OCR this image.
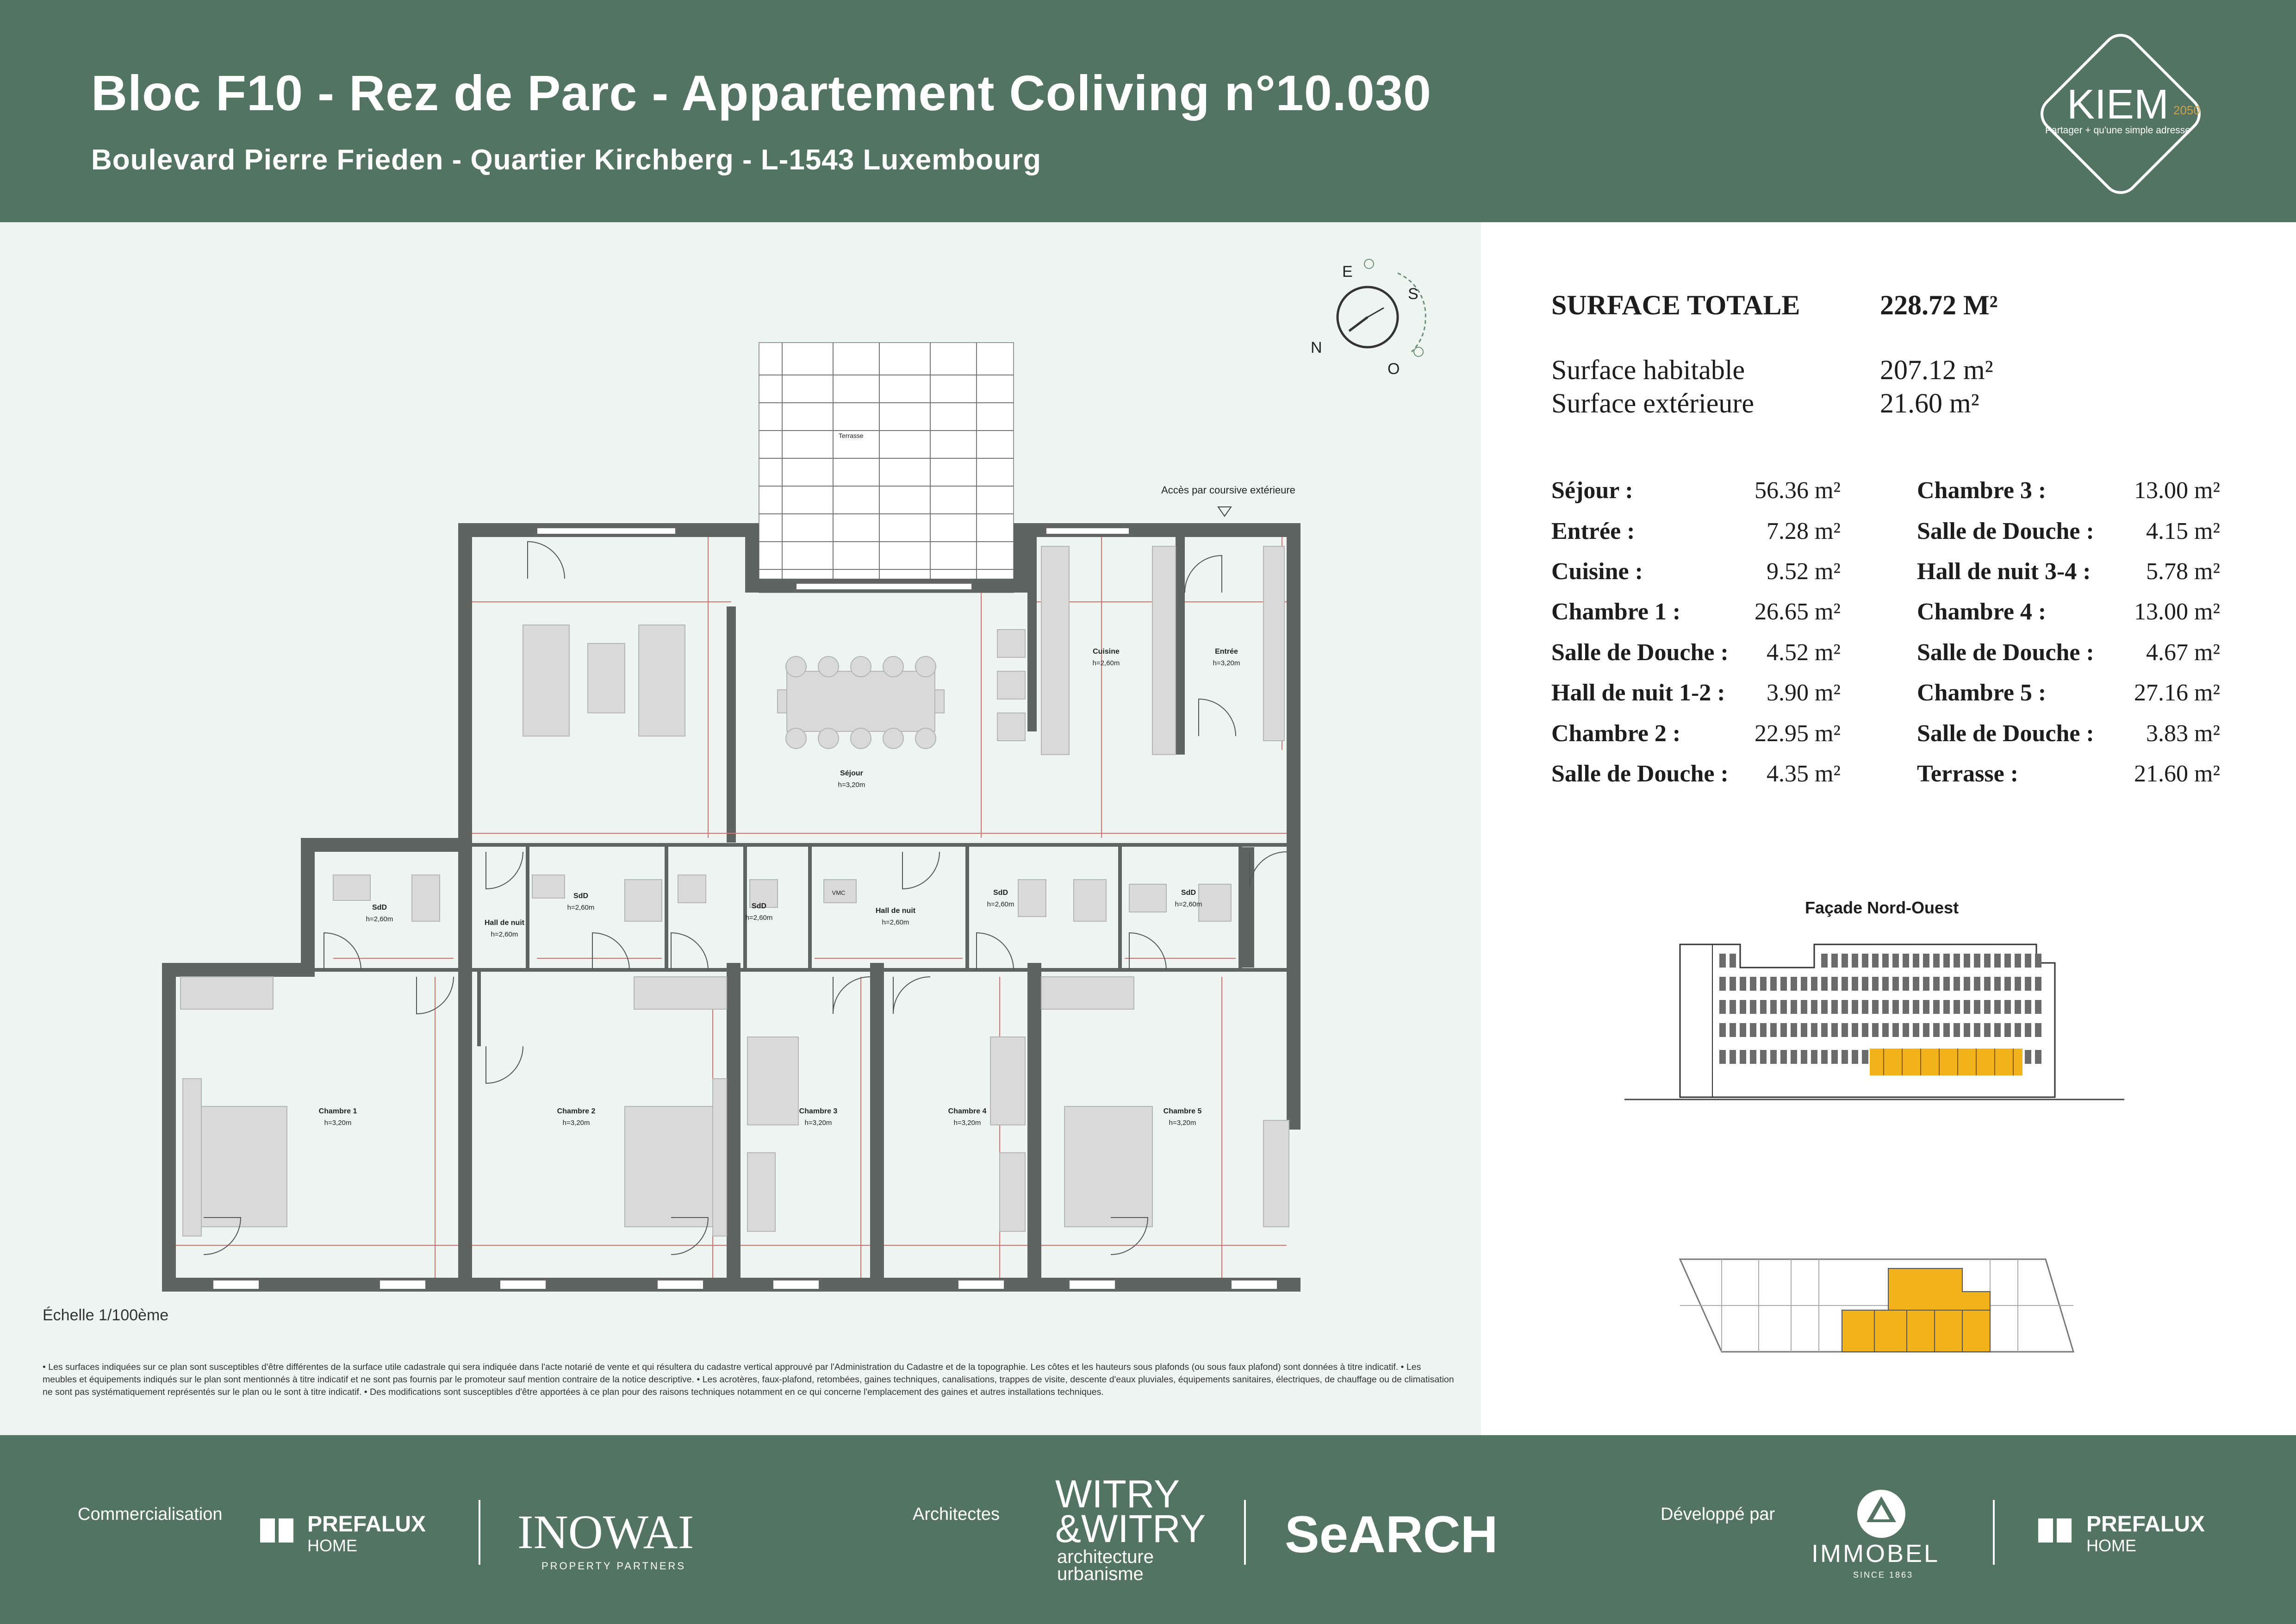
Bloc F10 - Rez de Parc - Appartement Coliving n°10.030
Boulevard Pierre Frieden - Quartier Kirchberg - L-1543 Luxembourg
KIEM 2050
Partager + qu'une simple adresse
Terrasse
Séjour
h=3,20m
Cuisine
h=2,60m
Entrée
h=3,20m
SdD
h=2,60m	Hall de nuit
h=2,60m
SdD
h=2,60m	SdD
h=2,60m
Hall de nuit
h=2,60m
SdD
h=2,60m
SdD
h=2,60m
VMC
Chambre 1
h=3,20m
Chambre 2
h=3,20m
Chambre 3
h=3,20m
Chambre 4
h=3,20m
Chambre 5
h=3,20m
Accès par coursive extérieure
E
S
N
O
Échelle 1/100ème
• Les surfaces indiquées sur ce plan sont susceptibles d'être différentes de la surface utile cadastrale qui sera indiquée dans l'acte notarié de vente et qui résultera du cadastre vertical approuvé par l'Administration du Cadastre et de la topographie. Les côtes et les hauteurs sous plafonds (ou sous faux plafond) sont données à titre indicatif. • Les meubles et équipements indiqués sur le plan sont mentionnés à titre indicatif et ne sont pas fournis par le promoteur sauf mention contraire de la notice descriptive. • Les acrotères, faux-plafond, retombées, gaines techniques, canalisations, trappes de visite, descente d'eaux pluviales, équipements sanitaires, électriques, de chauffage ou de climatisation ne sont pas systématiquement représentés sur le plan ou le sont à titre indicatif. • Des modifications sont susceptibles d'être apportées à ce plan pour des raisons techniques notamment en ce qui concerne l'emplacement des gaines et autres installations techniques.
SURFACE TOTALE	228.72 M²
Surface habitable	207.12 m²
Surface extérieure	21.60 m²
Séjour :	56.36 m²
Entrée :	7.28 m²
Cuisine :	9.52 m²
Chambre 1 :	26.65 m²
Salle de Douche :	4.52 m²
Hall de nuit 1-2 :	3.90 m²
Chambre 2 :	22.95 m²
Salle de Douche :	4.35 m²
Chambre 3 :	13.00 m²
Salle de Douche :	4.15 m²
Hall de nuit 3-4 :	5.78 m²
Chambre 4 :	13.00 m²
Salle de Douche :	4.67 m²
Chambre 5 :	27.16 m²
Salle de Douche :	3.83 m²
Terrasse :	21.60 m²
Façade Nord-Ouest
Commercialisation	Architectes	Développé par
PREFALUX
HOME	INOWAI
PROPERTY PARTNERS
WITRY
&WITRY
architecture
urbanisme
SeARCH	IMMOBEL
SINCE 1863
PREFALUX
HOME
